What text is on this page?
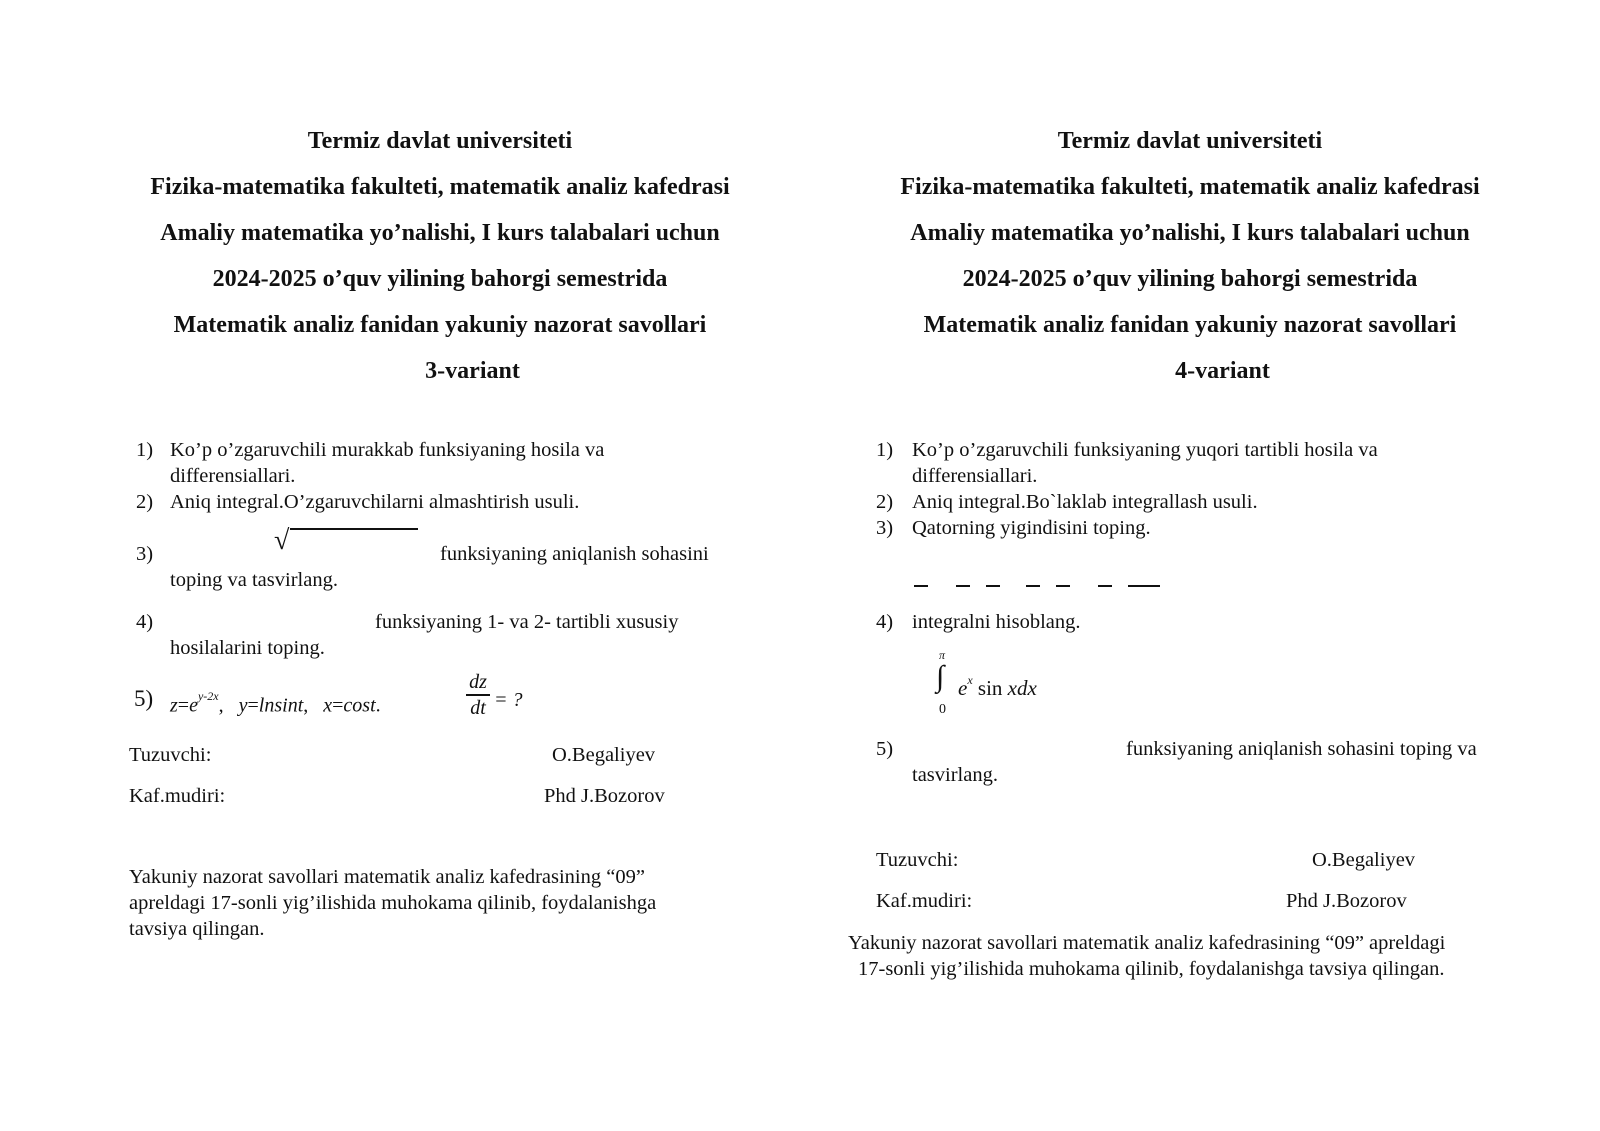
Termiz davlat universiteti
Fizika-matematika fakulteti, matematik analiz kafedrasi
Amaliy matematika yo’nalishi, I kurs talabalari uchun
2024-2025 o’quv yilining bahorgi semestrida
Matematik analiz fanidan yakuniy nazorat savollari
3-variant
Termiz davlat universiteti
Fizika-matematika fakulteti, matematik analiz kafedrasi
Amaliy matematika yo’nalishi, I kurs talabalari uchun
2024-2025 o’quv yilining bahorgi semestrida
Matematik analiz fanidan yakuniy nazorat savollari
4-variant
1) Ko’p o’zgaruvchili murakkab funksiyaning hosila va
differensiallari.
2) Aniq integral.O’zgaruvchilarni almashtirish usuli.
3)	√	funksiyaning aniqlanish sohasini
toping va tasvirlang.
4)	funksiyaning 1- va 2- tartibli xususiy
hosilalarini toping.
5) $z=e^{y-2x}$, y=lnsint, x=cost.
dz
dt = ?
Tuzuvchi:	O.Begaliyev
Kaf.mudiri:	Phd J.Bozorov
Yakuniy nazorat savollari matematik analiz kafedrasining “09”
apreldagi 17-sonli yig’ilishida muhokama qilinib, foydalanishga
tavsiya qilingan.
1) Ko’p o’zgaruvchili funksiyaning yuqori tartibli hosila va
differensiallari.
2) Aniq integral.Bo`laklab integrallash usuli.
3) Qatorning yigindisini toping.
4) integralni hisoblang.
π
∫
0
$e^x$ sin xdx
5)	funksiyaning aniqlanish sohasini toping va
tasvirlang.
Tuzuvchi:	O.Begaliyev
Kaf.mudiri:	Phd J.Bozorov
Yakuniy nazorat savollari matematik analiz kafedrasining “09” apreldagi
17-sonli yig’ilishida muhokama qilinib, foydalanishga tavsiya qilingan.
